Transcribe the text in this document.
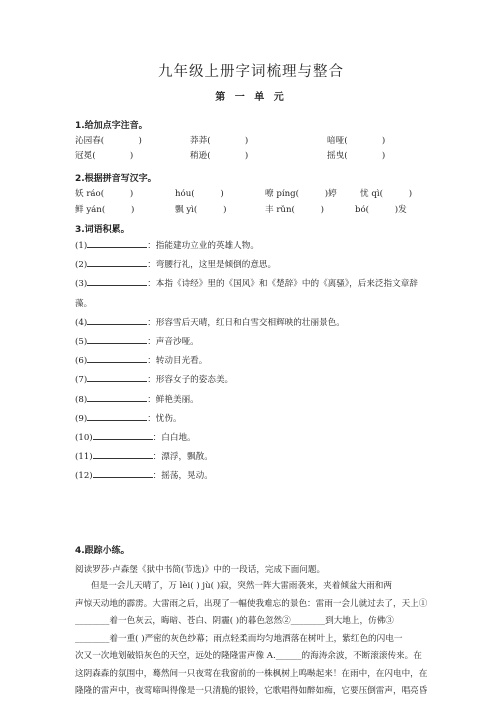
九年级上册字词梳理与整合
第 一 单 元
1.给加点字注音。
2.根据拼音写汉字。
3.词语积累。
4.跟踪小练。
阅读罗莎·卢森堡《狱中书简(节选)》中的一段话，完成下面问题。

但是一会儿天晴了，万 lèi( ) jù( )寂，突然一阵大雷雨袭来，夹着倾盆大雨和两

声惊天动地的霹雳。大雷雨之后，出现了一幅使我难忘的景色：雷雨一会儿就过去了，天上①

________着一色灰云，晦暗、苍白、阴霾( )的暮色忽然②________到大地上，仿佛③

________着一重( )严密的灰色纱幕；雨点轻柔而均匀地洒落在树叶上，紫红色的闪电一

次又一次地划破铅灰色的天空，远处的隆隆雷声像 A.______的海涛余波，不断滚滚传来。在

这阴森森的氛围中，蓦然间一只夜莺在我窗前的一株枫树上鸣啭起来！在雨中，在闪电中，在

隆隆的雷声中，夜莺啼叫得像是一只清脆的银铃，它歌唱得如醉如痴，它要压倒雷声，唱亮昏

沁园春(　　　　)	莽莽(　　　　)	喑哑(　　　　)
冠冕(　　　　)	稍逊(　　　　)	摇曳(　　　　)
妖 ráo(　　　)	hóu(　　　)	嘹 píng(　　　)婷	忧 qì(　　　)
鲜 yán(　　　)	飘 yì(　　　)	丰 rǔn(　　　)	bó(　　　)发
(1)	：指能建功立业的英雄人物。
(2)	：弯腰行礼，这里是倾倒的意思。
(3)	：本指《诗经》里的《国风》和《楚辞》中的《离骚》，后来泛指文章辞
藻。
(4)	：形容雪后天晴，红日和白雪交相辉映的壮丽景色。
(5)	：声音沙哑。
(6)	：转动目光看。
(7)	：形容女子的姿态美。
(8)	：鲜艳美丽。
(9)	：忧伤。
(10)	：白白地。
(11)	：漂浮，飘散。
(12)	：摇荡，晃动。
